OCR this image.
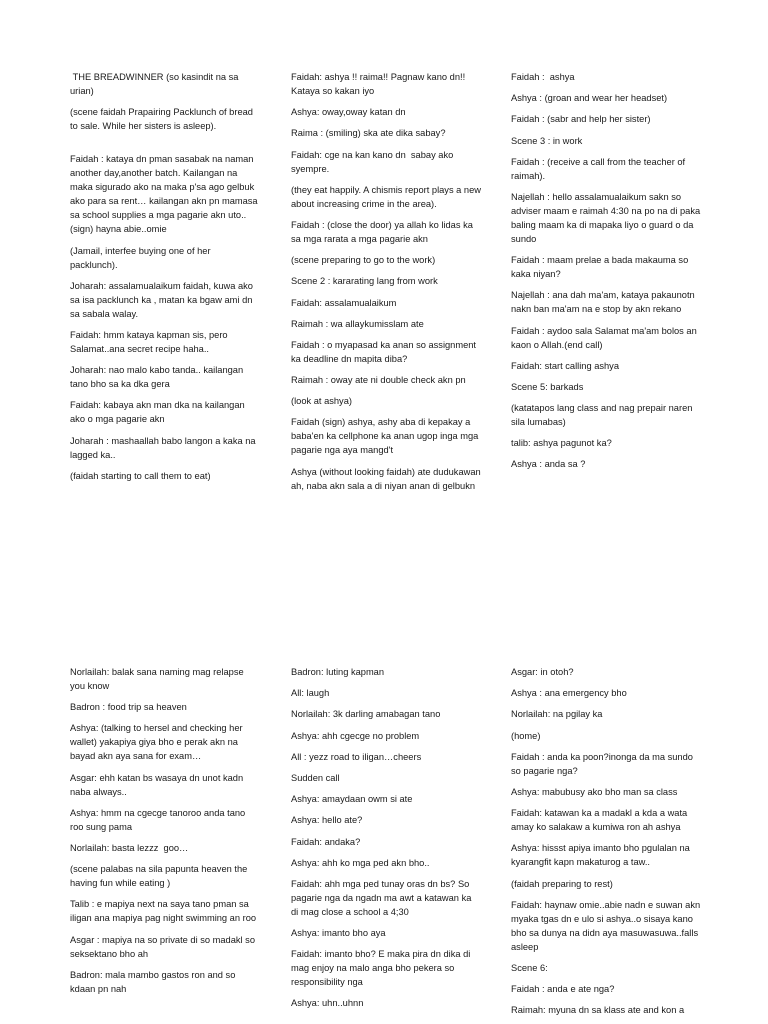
THE BREADWINNER (so kasindit na sa urian)

(scene faidah Prapairing Packlunch of bread to sale. While her sisters is asleep).

Faidah : kataya dn pman sasabak na naman another day,another batch. Kailangan na maka sigurado ako na maka p'sa ago gelbuk ako para sa rent… kailangan akn pn mamasa sa school supplies a mga pagarie akn uto..(sign) hayna abie..omie

(Jamail, interfee buying one of her packlunch).

Joharah: assalamualaikum faidah, kuwa ako sa isa packlunch ka , matan ka bgaw ami dn sa sabala walay.

Faidah: hmm kataya kapman sis, pero Salamat..ana secret recipe haha..

Joharah: nao malo kabo tanda.. kailangan tano bho sa ka dka gera

Faidah: kabaya akn man dka na kailangan ako o mga pagarie akn

Joharah : mashaallah babo langon a kaka na lagged ka..

(faidah starting to call them to eat)

Faidah: ashya !! raima!! Pagnaw kano dn!! Kataya so kakan iyo

Ashya: oway,oway katan dn

Raima : (smiling) ska ate dika sabay?

Faidah: cge na kan kano dn  sabay ako syempre.

(they eat happily. A chismis report plays a new about increasing crime in the area).

Faidah : (close the door) ya allah ko lidas ka sa mga rarata a mga pagarie akn

(scene preparing to go to the work)

Scene 2 : kararating lang from work

Faidah: assalamualaikum

Raimah : wa allaykumisslam ate

Faidah : o myapasad ka anan so assignment ka deadline dn mapita diba?

Raimah : oway ate ni double check akn pn

(look at ashya)

Faidah (sign) ashya, ashy aba di kepakay a baba'en ka cellphone ka anan ugop inga mga pagarie nga aya mangd't

Ashya (without looking faidah) ate dudukawan ah, naba akn sala a di niyan anan di gelbukn

Faidah :  ashya

Ashya : (groan and wear her headset)

Faidah : (sabr and help her sister)

Scene 3 : in work

Faidah : (receive a call from the teacher of raimah).

Najellah : hello assalamualaikum sakn so adviser maam e raimah 4:30 na po na di paka baling maam ka di mapaka liyo o guard o da sundo

Faidah : maam prelae a bada makauma so kaka niyan?

Najellah : ana dah ma'am, kataya pakaunotn nakn ban ma'am na e stop by akn rekano

Faidah : aydoo sala Salamat ma'am bolos an kaon o Allah.(end call)

Faidah: start calling ashya

Scene 5: barkads

(katatapos lang class and nag prepair naren sila lumabas)

talib: ashya pagunot ka?

Ashya : anda sa ?

Norlailah: balak sana naming mag relapse you know

Badron : food trip sa heaven

Ashya: (talking to hersel and checking her wallet) yakapiya giya bho e perak akn na bayad akn aya sana for exam…

Asgar: ehh katan bs wasaya dn unot kadn naba always..

Ashya: hmm na cgecge tanoroo anda tano roo sung pama

Norlailah: basta lezzz  goo…

(scene palabas na sila papunta heaven the having fun while eating )

Talib : e mapiya next na saya tano pman sa iligan ana mapiya pag night swimming an roo

Asgar : mapiya na so private di so madakl so seksektano bho ah

Badron: mala mambo gastos ron and so kdaan pn nah

Badron: luting kapman

All: laugh

Norlailah: 3k darling amabagan tano

Ashya: ahh cgecge no problem

All : yezz road to iligan…cheers

Sudden call

Ashya: amaydaan owm si ate

Ashya: hello ate?

Faidah: andaka?

Ashya: ahh ko mga ped akn bho..

Faidah: ahh mga ped tunay oras dn bs? So pagarie nga da ngadn ma awt a katawan ka di mag close a school a 4;30

Ashya: imanto bho aya

Faidah: imanto bho? E maka pira dn dika di mag enjoy na malo anga bho pekera so responsibility nga

Ashya: uhn..uhnn

Asgar: in otoh?

Ashya : ana emergency bho

Norlailah: na pgilay ka

(home)

Faidah : anda ka poon?inonga da ma sundo so pagarie nga?

Ashya: mabubusy ako bho man sa class

Faidah: katawan ka a madakl a kda a wata amay ko salakaw a kumiwa ron ah ashya

Ashya: hissst apiya imanto bho pgulalan na kyarangfit kapn makaturog a taw..

(faidah preparing to rest)

Faidah: haynaw omie..abie nadn e suwan akn myaka tgas dn e ulo si ashya..o sisaya kano bho sa dunya na didn aya masuwasuwa..falls asleep

Scene 6:

Faidah : anda e ate nga?

Raimah: myuna dn sa klass ate and kon a
